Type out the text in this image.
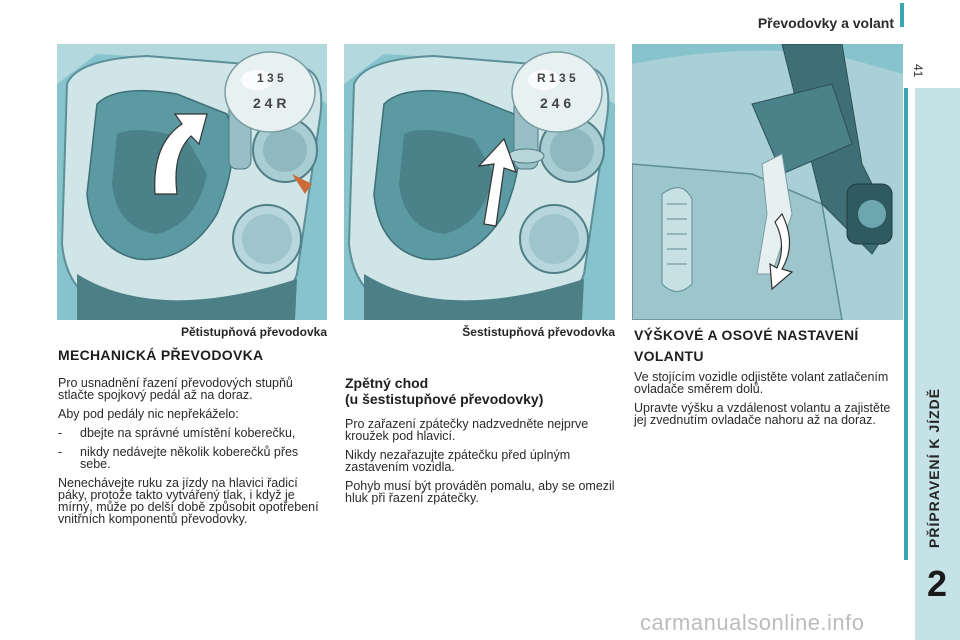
Převodovky a volant
41
PŘÍPRAVENÍ K JÍZDĚ
2
1 3 5
2 4 R
R 1 3 5
2 4 6
Pětistupňová převodovka	Šestistupňová převodovka
MECHANICKÁ PŘEVODOVKA

Pro usnadnění řazení převodových stupňů stlačte spojkový pedál až na doraz.

Aby pod pedály nic nepřekáželo:

-	dbejte na správné umístění koberečku,
-	nikdy nedávejte několik koberečků přes sebe.

Nenechávejte ruku za jízdy na hlavici řadicí páky, protože takto vytvářený tlak, i když je mírný, může po delší době způsobit opotřebení vnitřních komponentů převodovky.

Zpětný chod
(u šestistupňové převodovky)

Pro zařazení zpátečky nadzvedněte nejprve kroužek pod hlavicí.

Nikdy nezařazujte zpátečku před úplným zastavením vozidla.

Pohyb musí být prováděn pomalu, aby se omezil hluk při řazení zpátečky.

VÝŠKOVÉ A OSOVÉ NASTAVENÍ VOLANTU

Ve stojícím vozidle odjistěte volant zatlačením ovladače směrem dolů.

Upravte výšku a vzdálenost volantu a zajistěte jej zvednutím ovladače nahoru až na doraz.

carmanualsonline.info
